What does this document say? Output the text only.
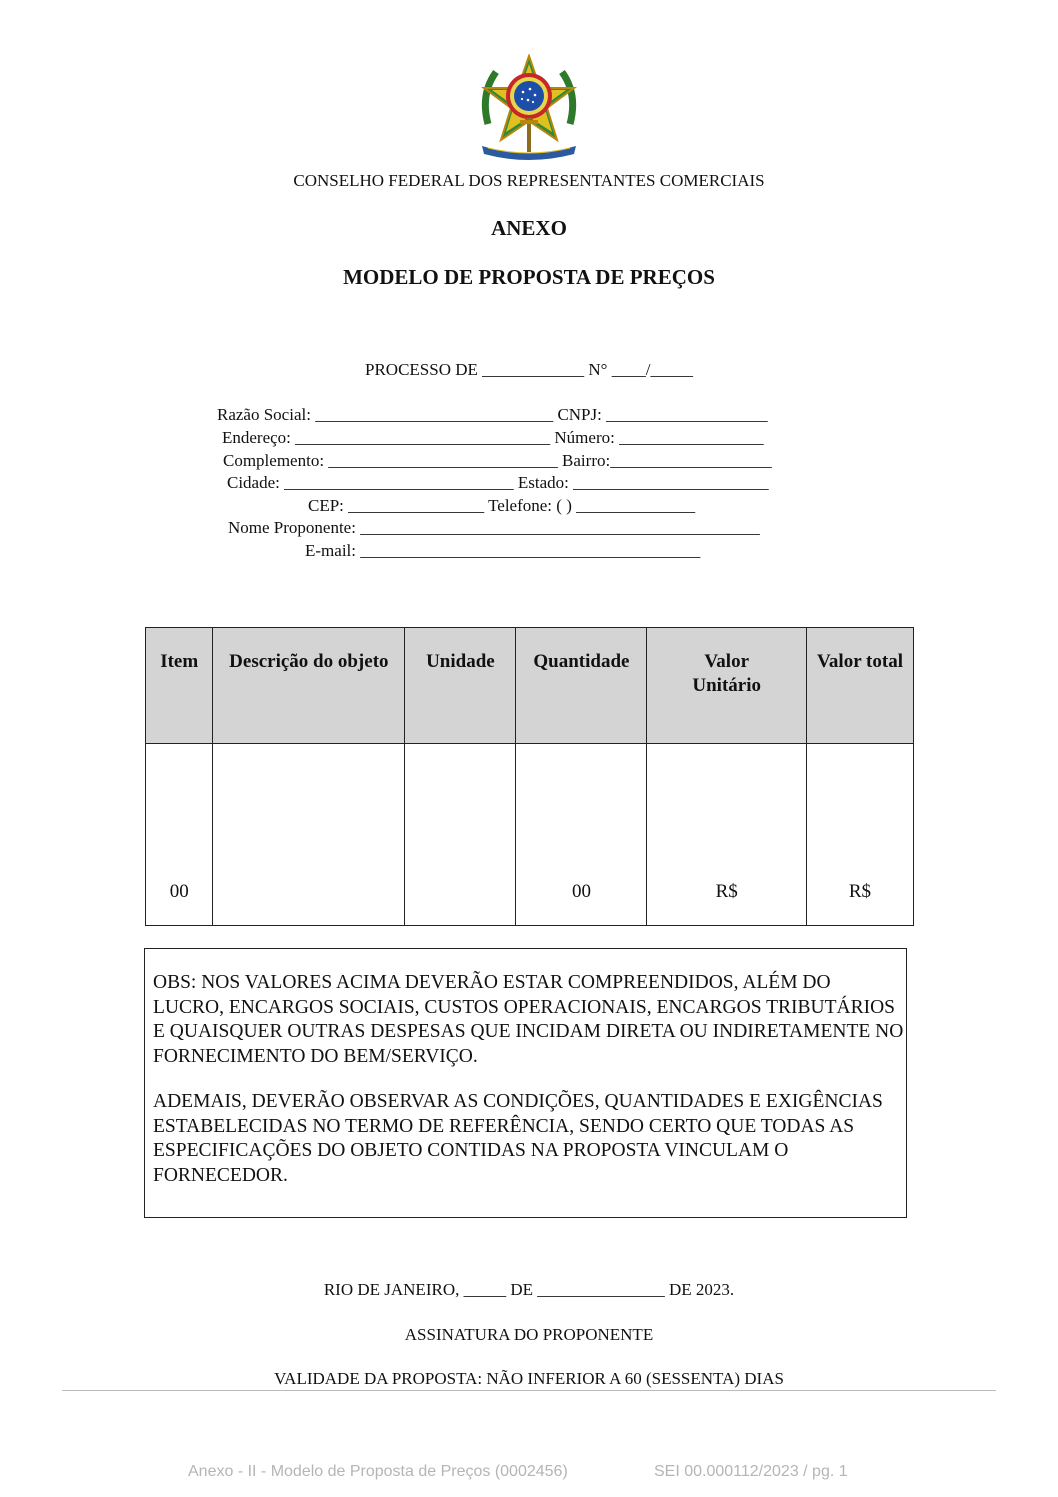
CONSELHO FEDERAL DOS REPRESENTANTES COMERCIAIS
ANEXO
MODELO DE PROPOSTA DE PREÇOS
PROCESSO DE ____________ N° ____/_____
Razão Social: ____________________________ CNPJ: ___________________
Endereço: ______________________________ Número: _________________
Complemento: ___________________________ Bairro:___________________
Cidade: ___________________________ Estado: _______________________
CEP: ________________ Telefone: ( ) ______________
Nome Proponente: _______________________________________________
E-mail: ________________________________________
Item	Descrição do objeto	Unidade	Quantidade	Valor Unitário	Valor total
00			00	R$	R$

OBS: NOS VALORES ACIMA DEVERÃO ESTAR COMPREENDIDOS, ALÉM DO LUCRO, ENCARGOS SOCIAIS, CUSTOS OPERACIONAIS, ENCARGOS TRIBUTÁRIOS E QUAISQUER OUTRAS DESPESAS QUE INCIDAM DIRETA OU INDIRETAMENTE NO FORNECIMENTO DO BEM/SERVIÇO.

ADEMAIS, DEVERÃO OBSERVAR AS CONDIÇÕES, QUANTIDADES E EXIGÊNCIAS ESTABELECIDAS NO TERMO DE REFERÊNCIA, SENDO CERTO QUE TODAS AS ESPECIFICAÇÕES DO OBJETO CONTIDAS NA PROPOSTA VINCULAM O FORNECEDOR.

RIO DE JANEIRO, _____ DE _______________ DE 2023.
ASSINATURA DO PROPONENTE
VALIDADE DA PROPOSTA: NÃO INFERIOR A 60 (SESSENTA) DIAS
Anexo - II - Modelo de Proposta de Preços (0002456)	SEI 00.000112/2023 / pg. 1
